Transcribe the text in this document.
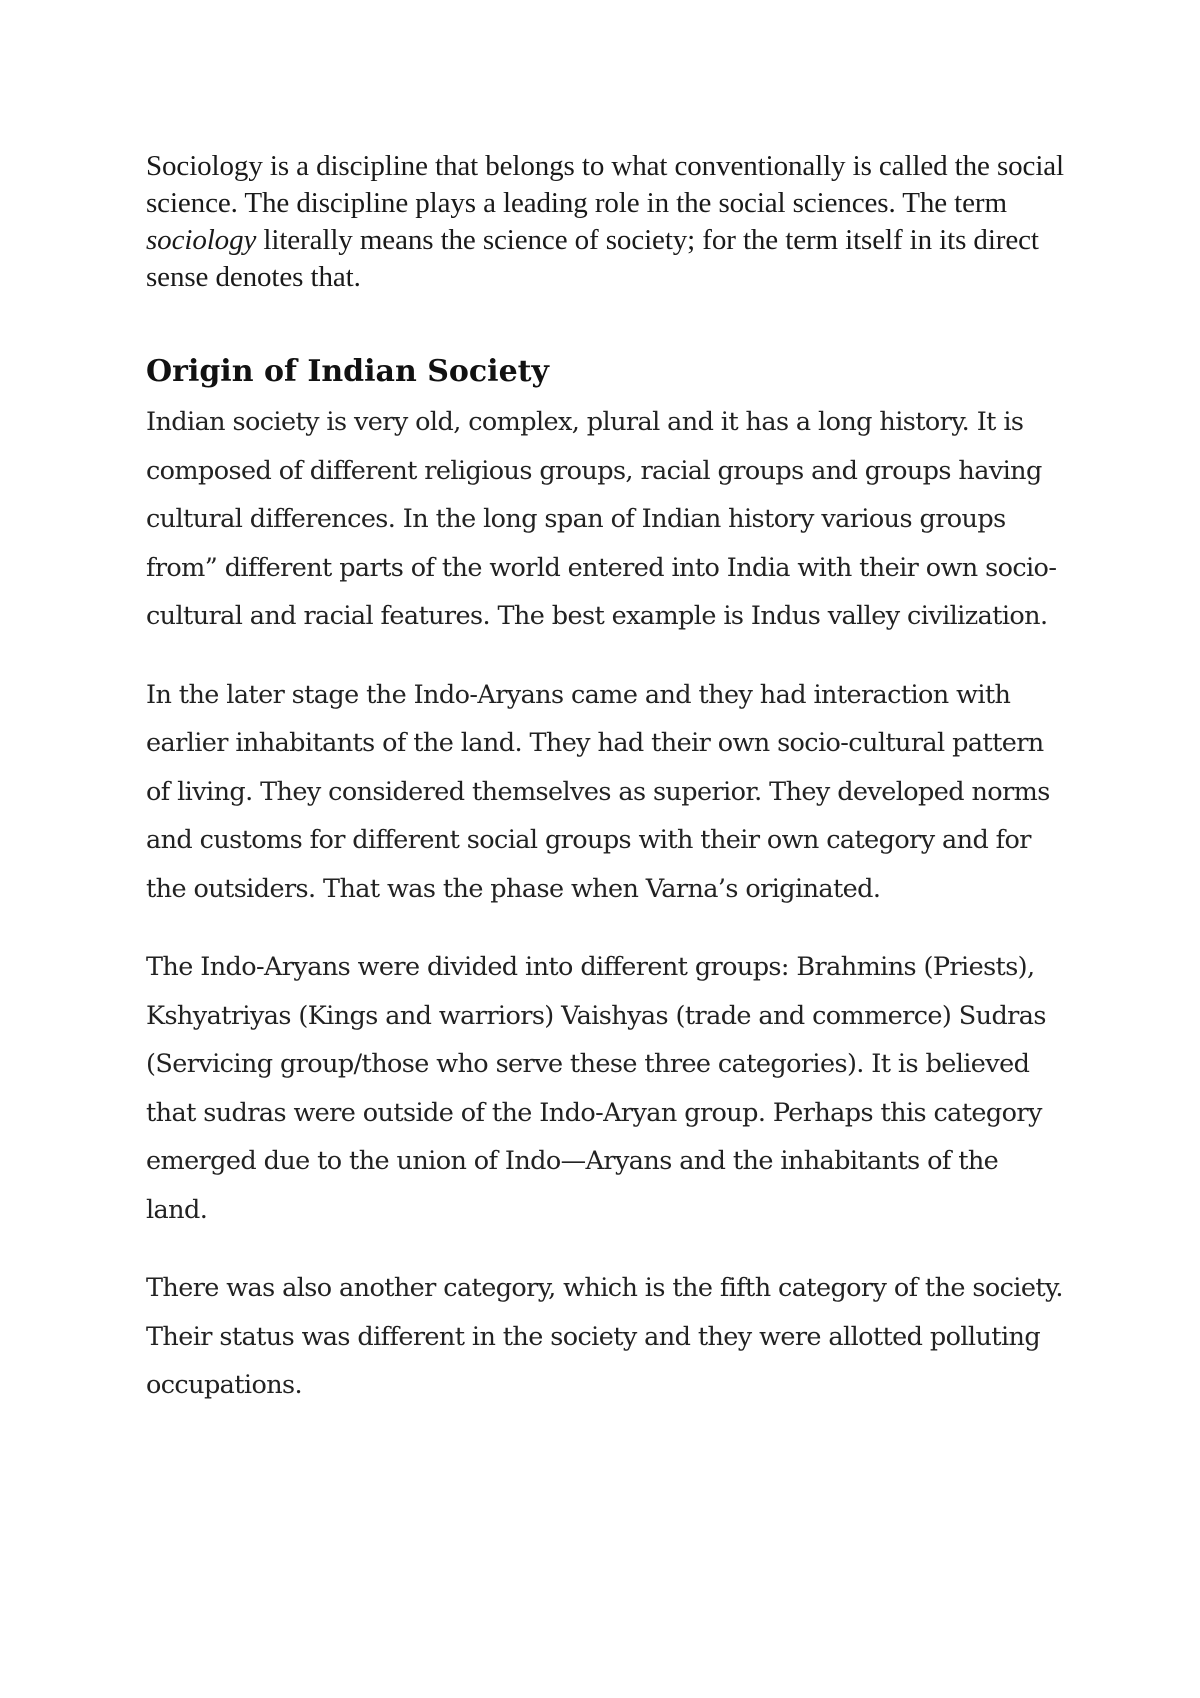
Sociology is a discipline that belongs to what conventionally is called the social science. The discipline plays a leading role in the social sciences. The term sociology literally means the science of society; for the term itself in its direct sense denotes that.

Origin of Indian Society

Indian society is very old, complex, plural and it has a long history. It is composed of different religious groups, racial groups and groups having cultural differences. In the long span of Indian history various groups from” different parts of the world entered into India with their own socio-cultural and racial features. The best example is Indus valley civilization.

In the later stage the Indo-Aryans came and they had interaction with earlier inhabitants of the land. They had their own socio-cultural pattern of living. They considered themselves as superior. They developed norms and customs for different social groups with their own category and for the outsiders. That was the phase when Varna’s originated.

The Indo-Aryans were divided into different groups: Brahmins (Priests), Kshyatriyas (Kings and warriors) Vaishyas (trade and commerce) Sudras (Servicing group/those who serve these three categories). It is believed that sudras were outside of the Indo-Aryan group. Perhaps this category emerged due to the union of Indo—Aryans and the inhabitants of the land.

There was also another category, which is the fifth category of the society. Their status was different in the society and they were allotted polluting occupations.
